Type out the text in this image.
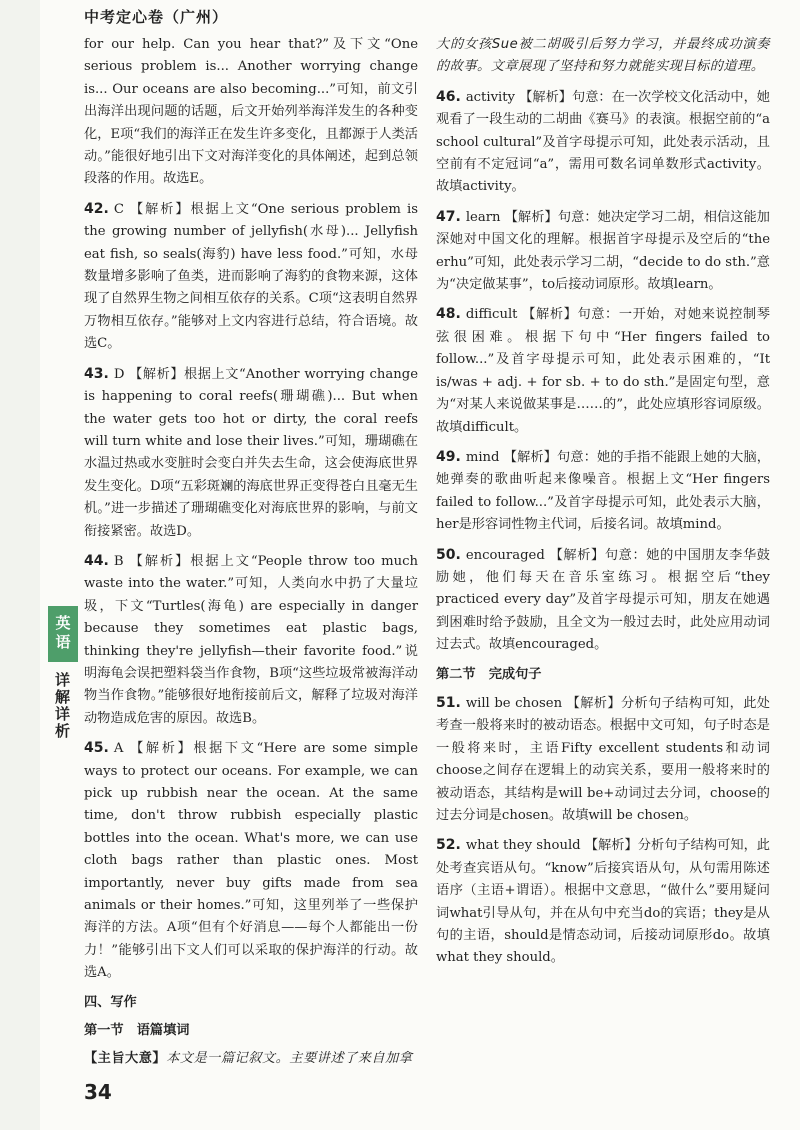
中考定心卷（广州）

for our help. Can you hear that?”及下文“One serious problem is... Another worrying change is... Our oceans are also becoming...”可知，前文引出海洋出现问题的话题，后文开始列举海洋发生的各种变化，E项“我们的海洋正在发生许多变化，且都源于人类活动。”能很好地引出下文对海洋变化的具体阐述，起到总领段落的作用。故选E。

42. C 【解析】根据上文“One serious problem is the growing number of jellyfish(水母)... Jellyfish eat fish, so seals(海豹) have less food.”可知，水母数量增多影响了鱼类，进而影响了海豹的食物来源，这体现了自然界生物之间相互依存的关系。C项“这表明自然界万物相互依存。”能够对上文内容进行总结，符合语境。故选C。

43. D 【解析】根据上文“Another worrying change is happening to coral reefs(珊瑚礁)... But when the water gets too hot or dirty, the coral reefs will turn white and lose their lives.”可知，珊瑚礁在水温过热或水变脏时会变白并失去生命，这会使海底世界发生变化。D项“五彩斑斓的海底世界正变得苍白且毫无生机。”进一步描述了珊瑚礁变化对海底世界的影响，与前文衔接紧密。故选D。

44. B 【解析】根据上文“People throw too much waste into the water.”可知，人类向水中扔了大量垃圾，下文“Turtles(海龟) are especially in danger because they sometimes eat plastic bags, thinking they're jellyfish—their favorite food.”说明海龟会误把塑料袋当作食物，B项“这些垃圾常被海洋动物当作食物。”能够很好地衔接前后文，解释了垃圾对海洋动物造成危害的原因。故选B。

45. A 【解析】根据下文“Here are some simple ways to protect our oceans. For example, we can pick up rubbish near the ocean. At the same time, don't throw rubbish especially plastic bottles into the ocean. What's more, we can use cloth bags rather than plastic ones. Most importantly, never buy gifts made from sea animals or their homes.”可知，这里列举了一些保护海洋的方法。A项“但有个好消息——每个人都能出一份力！”能够引出下文人们可以采取的保护海洋的行动。故选A。

四、写作

第一节　语篇填词

【主旨大意】本文是一篇记叙文。主要讲述了来自加拿

大的女孩Sue被二胡吸引后努力学习，并最终成功演奏的故事。文章展现了坚持和努力就能实现目标的道理。

46. activity 【解析】句意：在一次学校文化活动中，她观看了一段生动的二胡曲《赛马》的表演。根据空前的“a school cultural”及首字母提示可知，此处表示活动，且空前有不定冠词“a”，需用可数名词单数形式activity。故填activity。

47. learn 【解析】句意：她决定学习二胡，相信这能加深她对中国文化的理解。根据首字母提示及空后的“the erhu”可知，此处表示学习二胡，“decide to do sth.”意为“决定做某事”，to后接动词原形。故填learn。

48. difficult 【解析】句意：一开始，对她来说控制琴弦很困难。根据下句中“Her fingers failed to follow...”及首字母提示可知，此处表示困难的，“It is/was + adj. + for sb. + to do sth.”是固定句型，意为“对某人来说做某事是……的”，此处应填形容词原级。故填difficult。

49. mind 【解析】句意：她的手指不能跟上她的大脑，她弹奏的歌曲听起来像噪音。根据上文“Her fingers failed to follow...”及首字母提示可知，此处表示大脑，her是形容词性物主代词，后接名词。故填mind。

50. encouraged 【解析】句意：她的中国朋友李华鼓励她，他们每天在音乐室练习。根据空后“they practiced every day”及首字母提示可知，朋友在她遇到困难时给予鼓励，且全文为一般过去时，此处应用动词过去式。故填encouraged。

第二节　完成句子

51. will be chosen 【解析】分析句子结构可知，此处考查一般将来时的被动语态。根据中文可知，句子时态是一般将来时，主语Fifty excellent students和动词choose之间存在逻辑上的动宾关系，要用一般将来时的被动语态，其结构是will be+动词过去分词，choose的过去分词是chosen。故填will be chosen。

52. what they should 【解析】分析句子结构可知，此处考查宾语从句。“know”后接宾语从句，从句需用陈述语序（主语+谓语）。根据中文意思，“做什么”要用疑问词what引导从句，并在从句中充当do的宾语；they是从句的主语，should是情态动词，后接动词原形do。故填what they should。

英语
详解详析
34
